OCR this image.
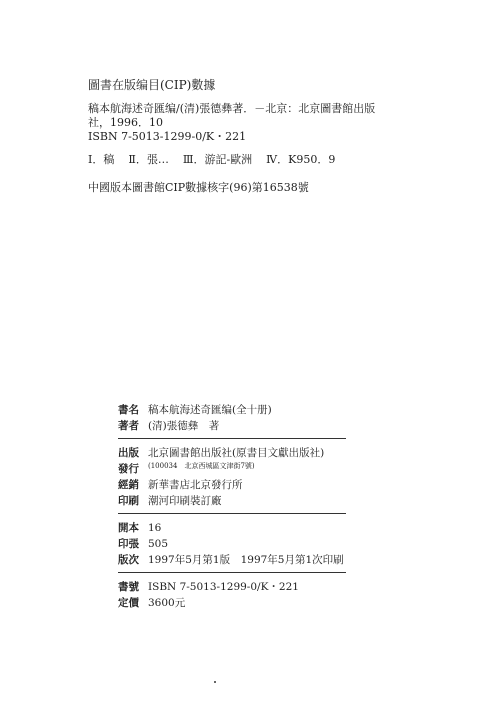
圖書在版编目(CIP)數據
稿本航海述奇匯编/(清)張德彝著．－北京：北京圖書館出版
社，1996．10
ISBN 7-5013-1299-0/K・221
Ⅰ．稿 Ⅱ．張… Ⅲ．游記-歐洲 Ⅳ．K950．9
中國版本圖書館CIP數據核字(96)第16538號
書名 稿本航海述奇匯编(全十册)
著者 (清)張德彝　著
出版
發行
北京圖書館出版社(原書目文獻出版社)
(100034　北京西城區文津街7號)
經銷 新華書店北京發行所
印刷 潮河印刷裝訂廠
開本 16
印張 505
版次 1997年5月第1版　1997年5月第1次印刷
書號 ISBN 7-5013-1299-0/K・221
定價 3600元
